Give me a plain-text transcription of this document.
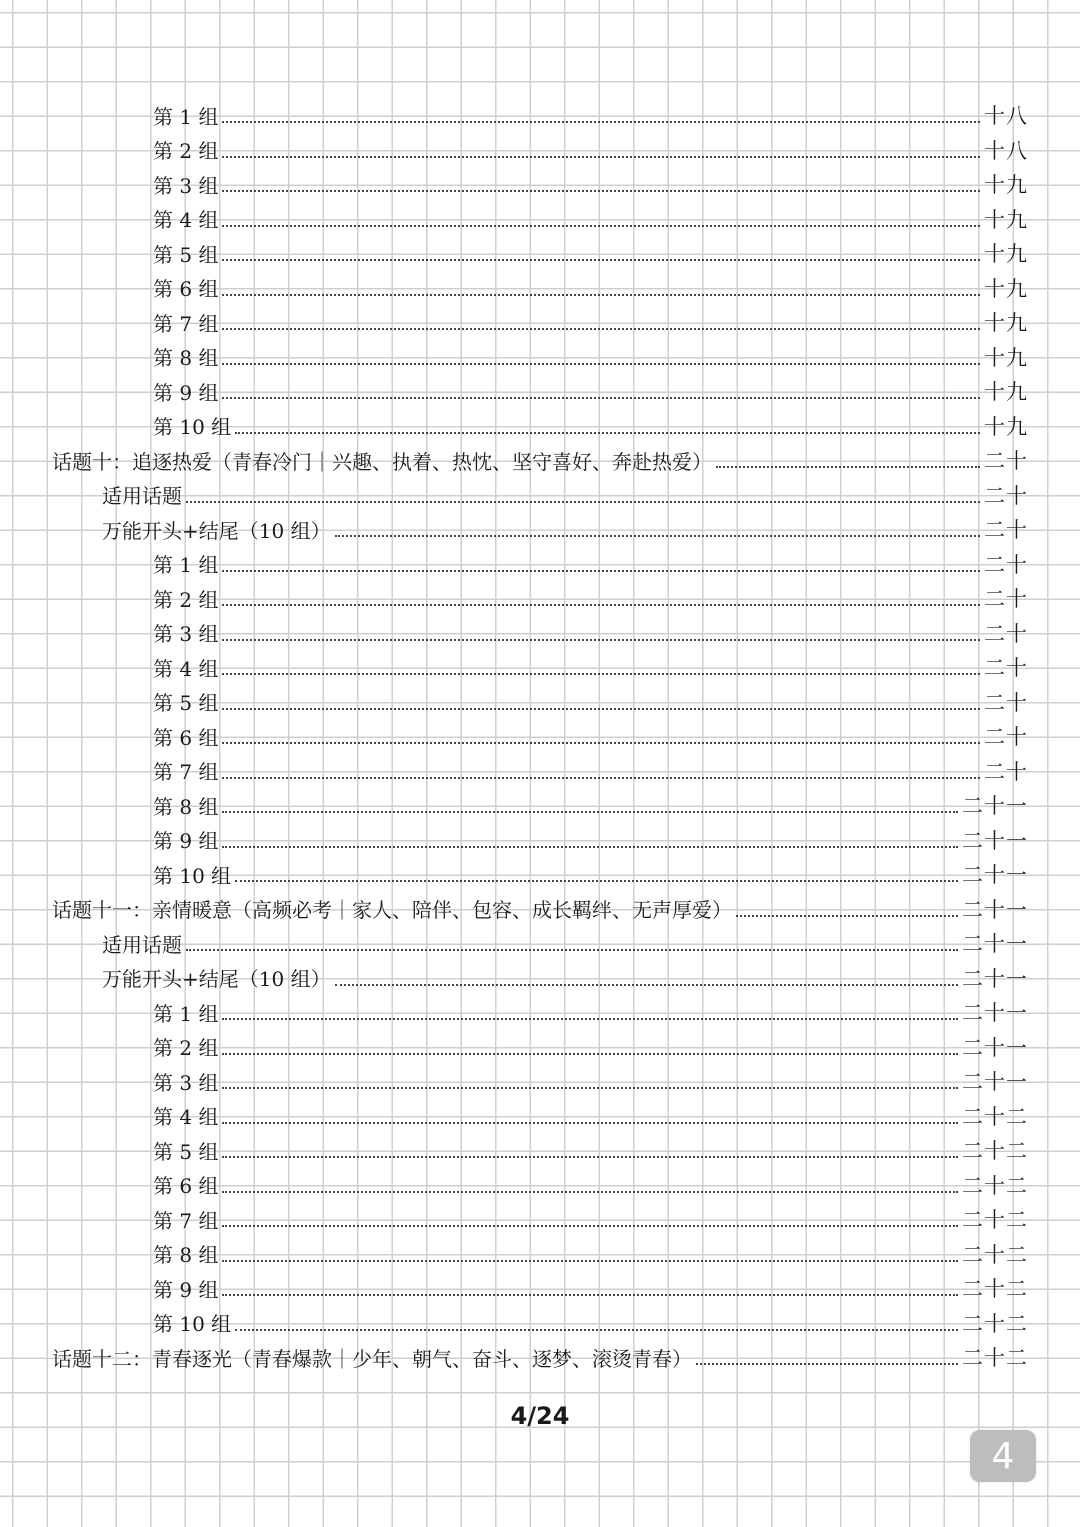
第 1 组	十八
第 2 组	十八
第 3 组	十九
第 4 组	十九
第 5 组	十九
第 6 组	十九
第 7 组	十九
第 8 组	十九
第 9 组	十九
第 10 组	十九
话题十：追逐热爱（青春冷门｜兴趣、执着、热忱、坚守喜好、奔赴热爱）	二十
适用话题	二十
万能开头+结尾（10 组）	二十
第 1 组	二十
第 2 组	二十
第 3 组	二十
第 4 组	二十
第 5 组	二十
第 6 组	二十
第 7 组	二十
第 8 组	二十一
第 9 组	二十一
第 10 组	二十一
话题十一：亲情暖意（高频必考｜家人、陪伴、包容、成长羁绊、无声厚爱）	二十一
适用话题	二十一
万能开头+结尾（10 组）	二十一
第 1 组	二十一
第 2 组	二十一
第 3 组	二十一
第 4 组	二十二
第 5 组	二十二
第 6 组	二十二
第 7 组	二十二
第 8 组	二十二
第 9 组	二十二
第 10 组	二十二
话题十二：青春逐光（青春爆款｜少年、朝气、奋斗、逐梦、滚烫青春）	二十二
4/24
4
